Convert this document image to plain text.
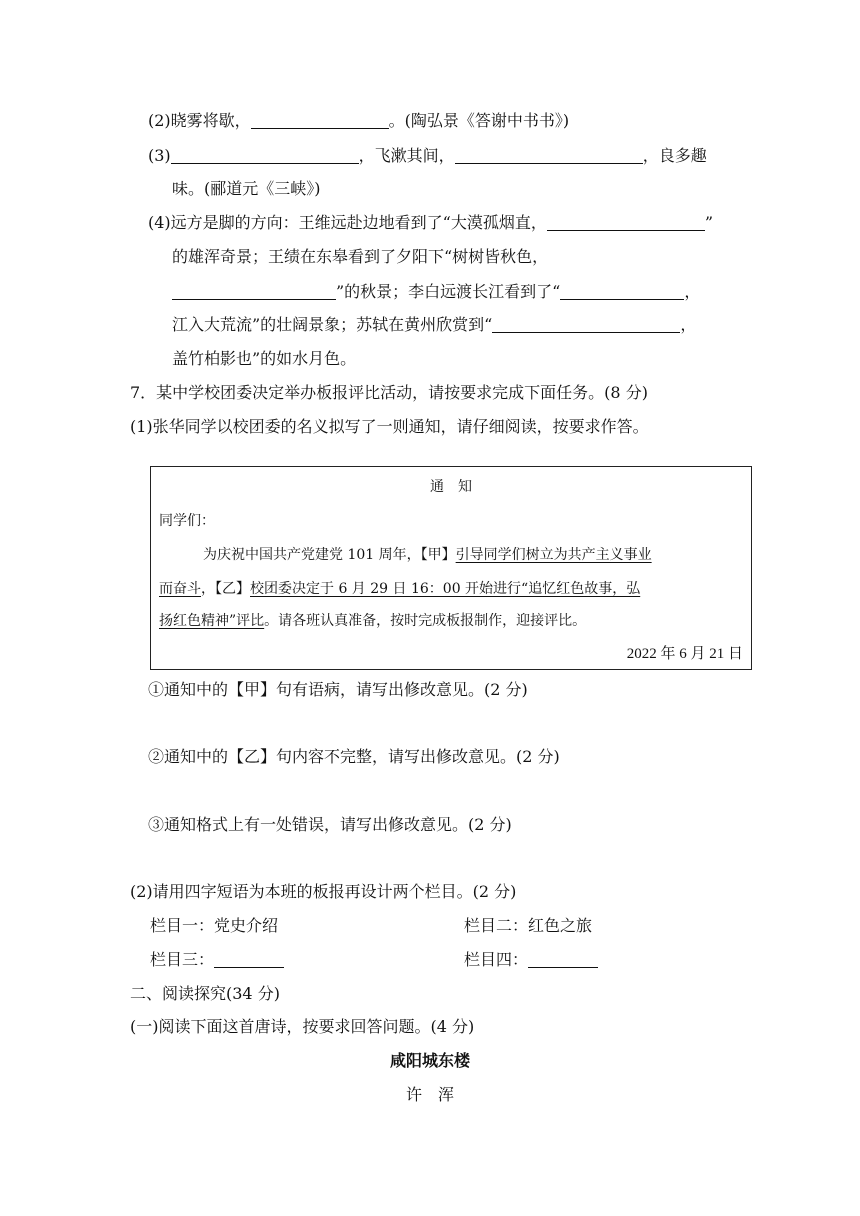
(2)晓雾将歇，	。(陶弘景《答谢中书书》)
(3)	，飞漱其间，	，良多趣
味。(郦道元《三峡》)
(4)远方是脚的方向：王维远赴边地看到了“大漠孤烟直，	”
的雄浑奇景；王绩在东皋看到了夕阳下“树树皆秋色，
”的秋景；李白远渡长江看到了“	，
江入大荒流”的壮阔景象；苏轼在黄州欣赏到“	，
盖竹柏影也”的如水月色。
7．某中学校团委决定举办板报评比活动，请按要求完成下面任务。(8 分)
(1)张华同学以校团委的名义拟写了一则通知，请仔细阅读，按要求作答。
通　知
同学们：
为庆祝中国共产党建党 101 周年，【甲】引导同学们树立为共产主义事业
而奋斗，【乙】校团委决定于 6 月 29 日 16：00 开始进行“追忆红色故事，弘
扬红色精神”评比。请各班认真准备，按时完成板报制作，迎接评比。
2022 年 6 月 21 日
①通知中的【甲】句有语病，请写出修改意见。(2 分)
②通知中的【乙】句内容不完整，请写出修改意见。(2 分)
③通知格式上有一处错误，请写出修改意见。(2 分)
(2)请用四字短语为本班的板报再设计两个栏目。(2 分)
栏目一：党史介绍	栏目二：红色之旅
栏目三：	栏目四：
二、阅读探究(34 分)
(一)阅读下面这首唐诗，按要求回答问题。(4 分)
咸阳城东楼
许　浑
